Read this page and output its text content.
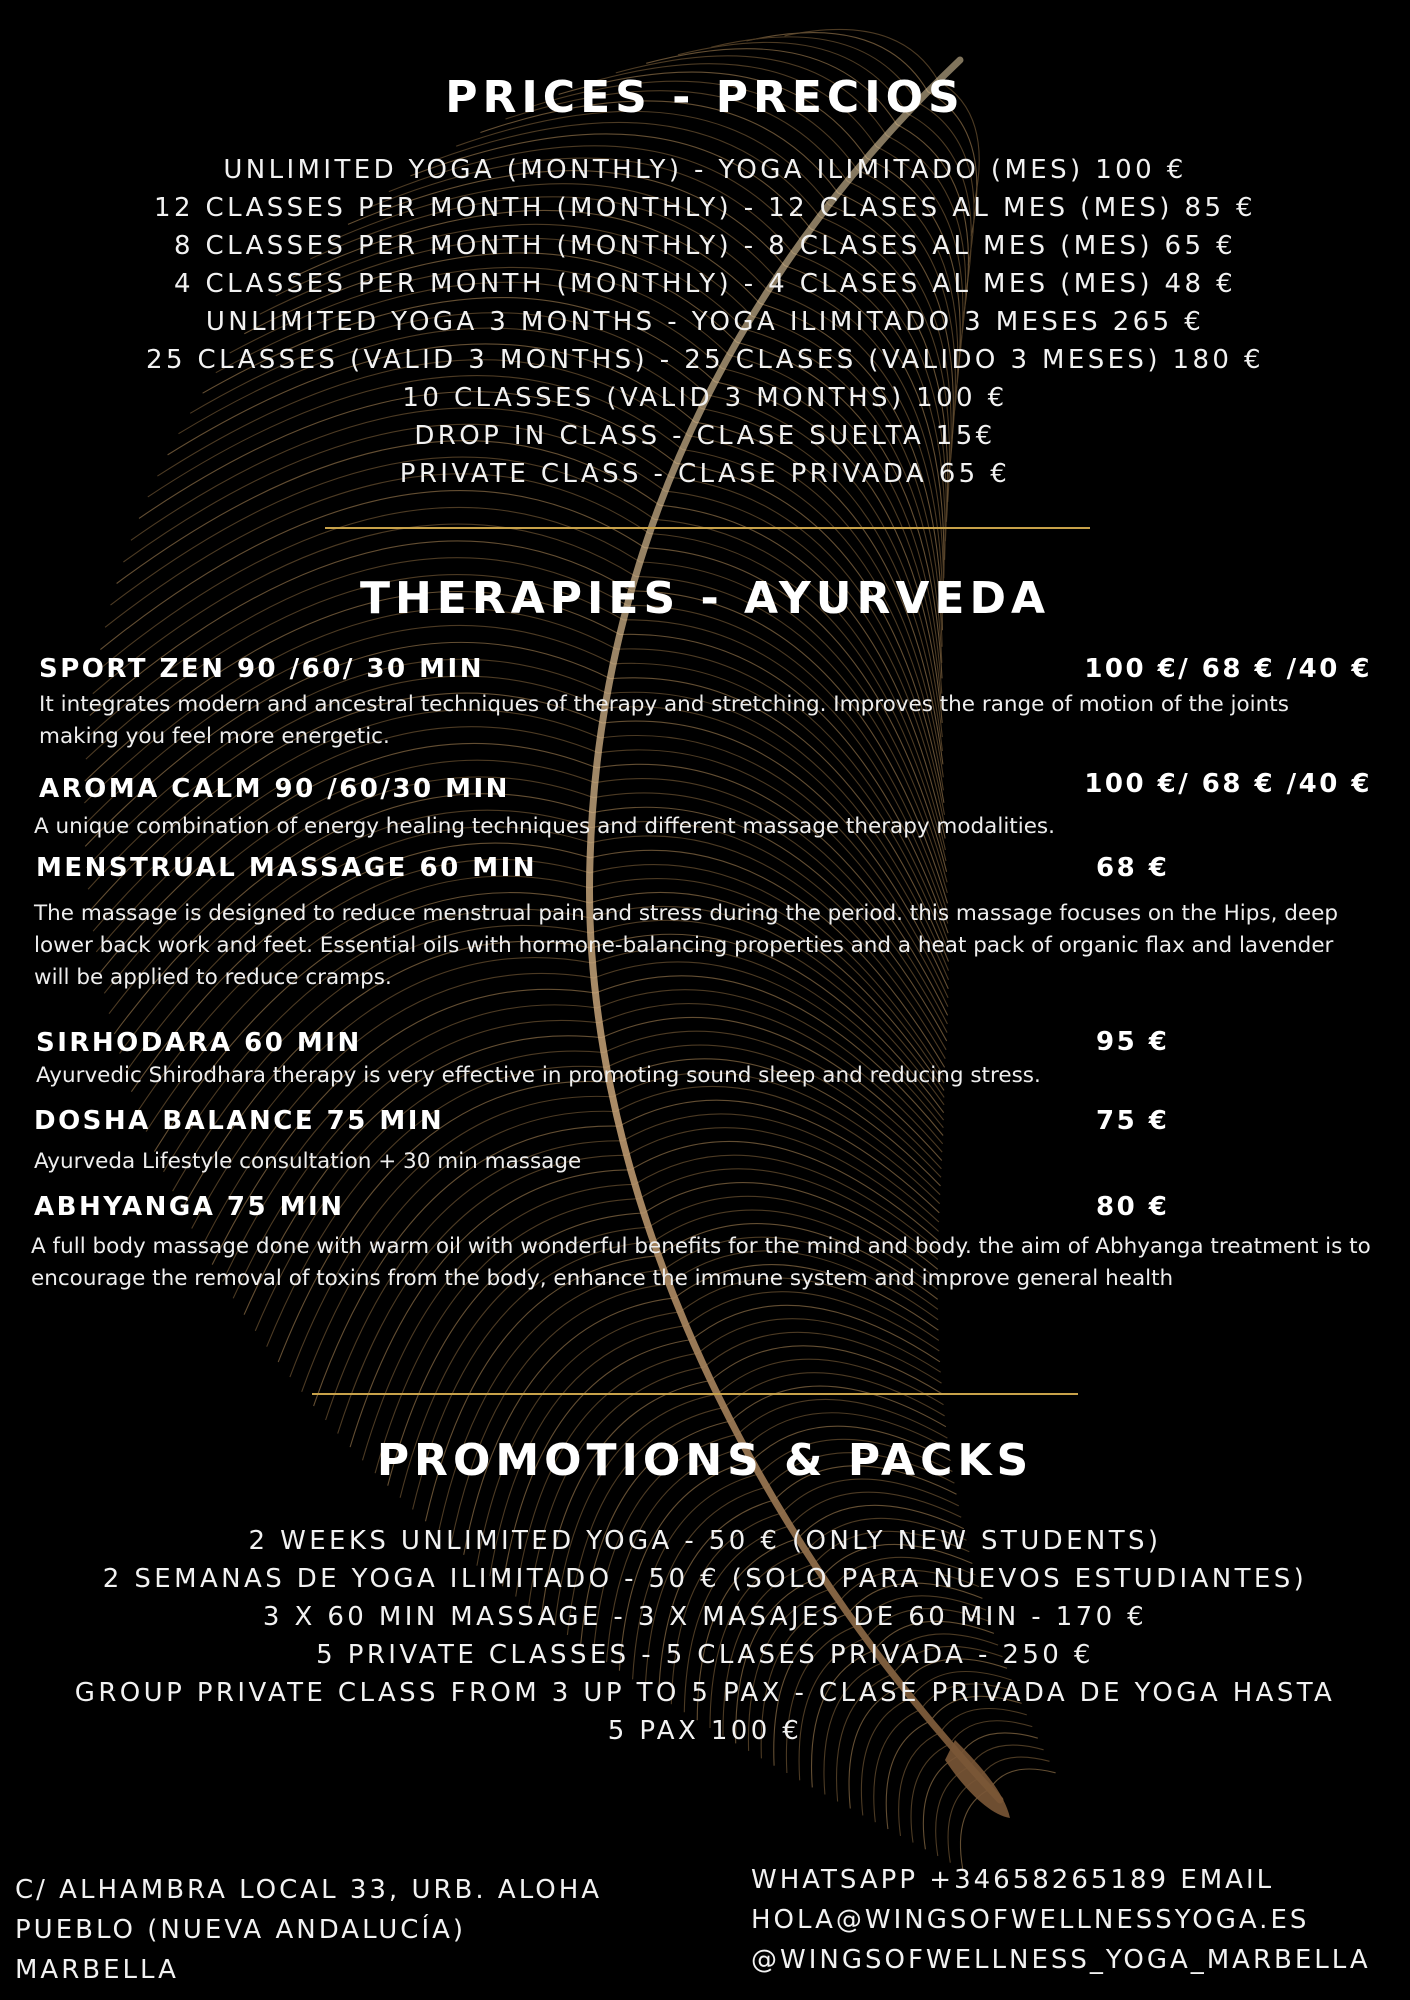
PRICES - PRECIOS
UNLIMITED YOGA (MONTHLY) - YOGA ILIMITADO (MES) 100 €
12 CLASSES PER MONTH (MONTHLY) - 12 CLASES AL MES (MES) 85 €
8 CLASSES PER MONTH (MONTHLY) - 8 CLASES AL MES (MES) 65 €
4 CLASSES PER MONTH (MONTHLY) - 4 CLASES AL MES (MES) 48 €
UNLIMITED YOGA 3 MONTHS - YOGA ILIMITADO 3 MESES 265 €
25 CLASSES (VALID 3 MONTHS) - 25 CLASES (VALIDO 3 MESES) 180 €
10 CLASSES (VALID 3 MONTHS) 100 €
DROP IN CLASS - CLASE SUELTA 15€
PRIVATE CLASS - CLASE PRIVADA 65 €
THERAPIES - AYURVEDA
SPORT ZEN 90 /60/ 30 MIN	100 €/ 68 € /40 €

It integrates modern and ancestral techniques of therapy and stretching. Improves the range of motion of the joints making you feel more energetic.

AROMA CALM 90 /60/30 MIN	100 €/ 68 € /40 €

A unique combination of energy healing techniques and different massage therapy modalities.

MENSTRUAL MASSAGE 60 MIN	68 €

The massage is designed to reduce menstrual pain and stress during the period. this massage focuses on the Hips, deep lower back work and feet. Essential oils with hormone-balancing properties and a heat pack of organic flax and lavender will be applied to reduce cramps.

SIRHODARA 60 MIN	95 €

Ayurvedic Shirodhara therapy is very effective in promoting sound sleep and reducing stress.

DOSHA BALANCE 75 MIN	75 €

Ayurveda Lifestyle consultation + 30 min massage

ABHYANGA 75 MIN	80 €

A full body massage done with warm oil with wonderful benefits for the mind and body. the aim of Abhyanga treatment is to encourage the removal of toxins from the body, enhance the immune system and improve general health

PROMOTIONS & PACKS
2 WEEKS UNLIMITED YOGA - 50 € (ONLY NEW STUDENTS)
2 SEMANAS DE YOGA ILIMITADO - 50 € (SOLO PARA NUEVOS ESTUDIANTES)
3 X 60 MIN MASSAGE - 3 X MASAJES DE 60 MIN - 170 €
5 PRIVATE CLASSES - 5 CLASES PRIVADA - 250 €
GROUP PRIVATE CLASS FROM 3 UP TO 5 PAX - CLASE PRIVADA DE YOGA HASTA
5 PAX 100 €
C/ ALHAMBRA LOCAL 33, URB. ALOHA
PUEBLO (NUEVA ANDALUCÍA)
MARBELLA
WHATSAPP +34658265189 EMAIL
HOLA@WINGSOFWELLNESSYOGA.ES
@WINGSOFWELLNESS_YOGA_MARBELLA
